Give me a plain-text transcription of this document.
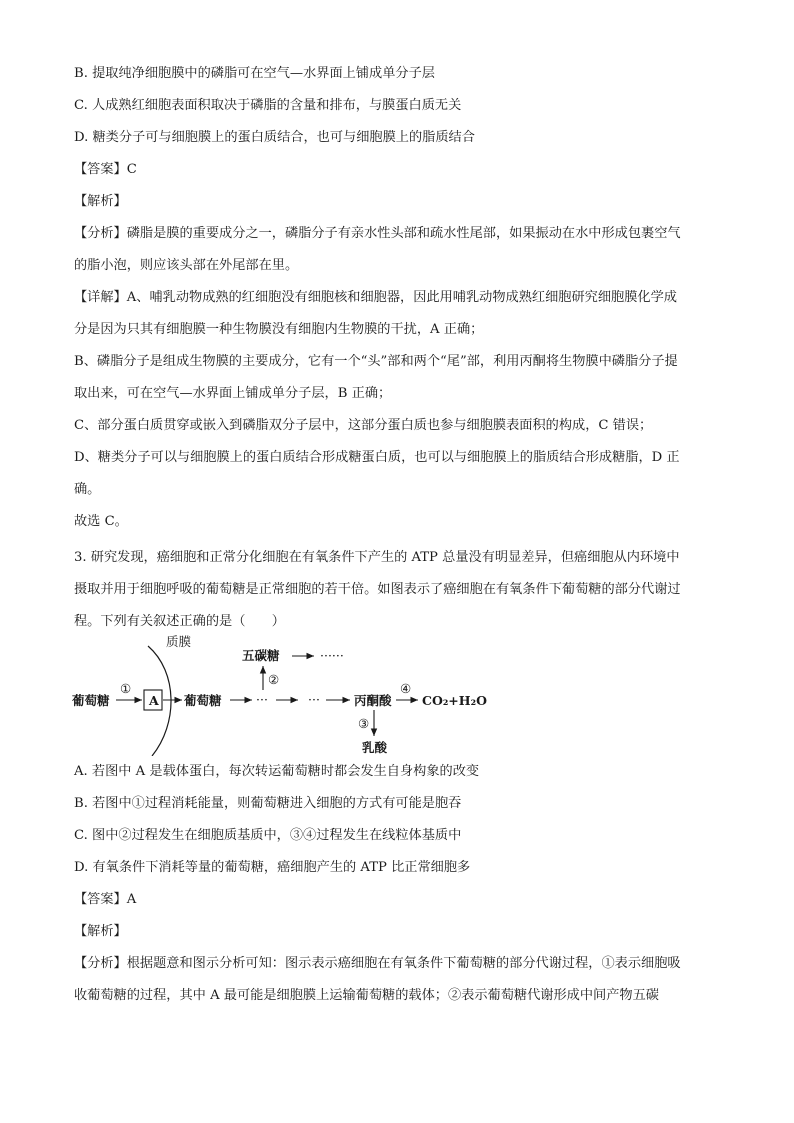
B. 提取纯净细胞膜中的磷脂可在空气—水界面上铺成单分子层
C. 人成熟红细胞表面积取决于磷脂的含量和排布，与膜蛋白质无关
D. 糖类分子可与细胞膜上的蛋白质结合，也可与细胞膜上的脂质结合
【答案】C
【解析】
【分析】磷脂是膜的重要成分之一，磷脂分子有亲水性头部和疏水性尾部，如果振动在水中形成包裹空气
的脂小泡，则应该头部在外尾部在里。
【详解】A、哺乳动物成熟的红细胞没有细胞核和细胞器，因此用哺乳动物成熟红细胞研究细胞膜化学成
分是因为只其有细胞膜一种生物膜没有细胞内生物膜的干扰，A 正确；
B、磷脂分子是组成生物膜的主要成分，它有一个“头”部和两个“尾”部，利用丙酮将生物膜中磷脂分子提
取出来，可在空气—水界面上铺成单分子层，B 正确；
C、部分蛋白质贯穿或嵌入到磷脂双分子层中，这部分蛋白质也参与细胞膜表面积的构成，C 错误；
D、糖类分子可以与细胞膜上的蛋白质结合形成糖蛋白质，也可以与细胞膜上的脂质结合形成糖脂，D 正
确。
故选 C。
3. 研究发现，癌细胞和正常分化细胞在有氧条件下产生的 ATP 总量没有明显差异，但癌细胞从内环境中
摄取并用于细胞呼吸的葡萄糖是正常细胞的若干倍。如图表示了癌细胞在有氧条件下葡萄糖的部分代谢过
程。下列有关叙述正确的是（　　）
质膜
葡萄糖
①
A 葡萄糖	···	···
②
五碳糖	······
丙酮酸
④
CO₂+H₂O
③
乳酸
A. 若图中 A 是载体蛋白，每次转运葡萄糖时都会发生自身构象的改变
B. 若图中①过程消耗能量，则葡萄糖进入细胞的方式有可能是胞吞
C. 图中②过程发生在细胞质基质中，③④过程发生在线粒体基质中
D. 有氧条件下消耗等量的葡萄糖，癌细胞产生的 ATP 比正常细胞多
【答案】A
【解析】
【分析】根据题意和图示分析可知：图示表示癌细胞在有氧条件下葡萄糖的部分代谢过程，①表示细胞吸
收葡萄糖的过程，其中 A 最可能是细胞膜上运输葡萄糖的载体；②表示葡萄糖代谢形成中间产物五碳
